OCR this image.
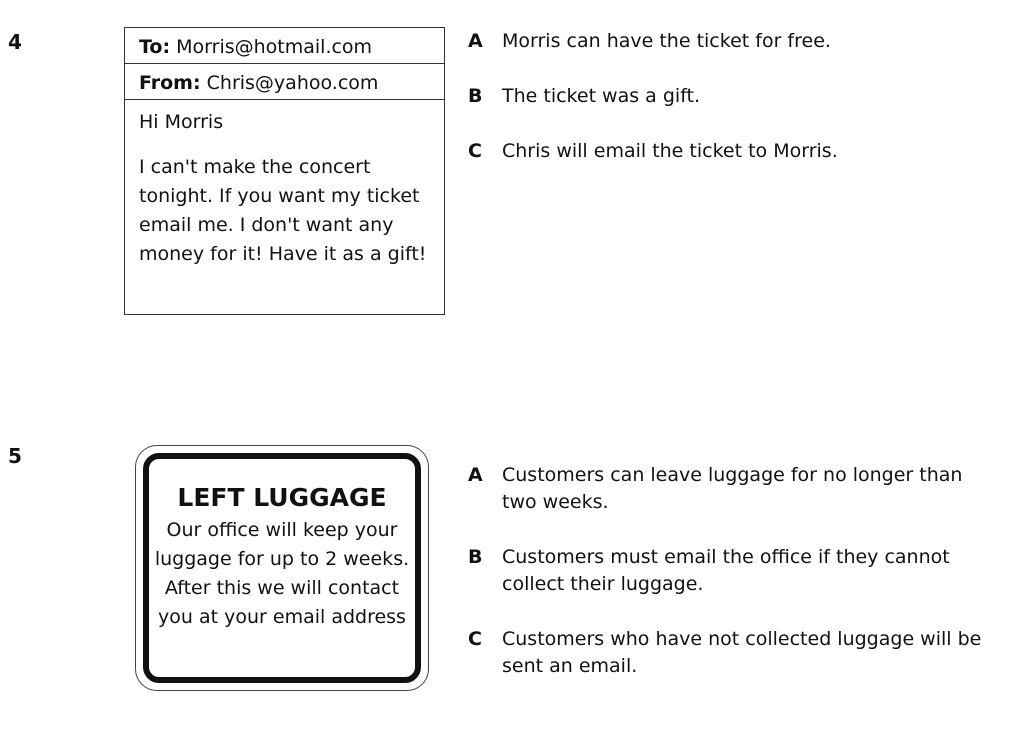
4	To: Morris@hotmail.com
From: Chris@yahoo.com
Hi Morris
I can't make the concert tonight. If you want my ticket email me. I don't want any money for it! Have it as a gift!
A	Morris can have the ticket for free.
B	The ticket was a gift.
C	Chris will email the ticket to Morris.
5
LEFT LUGGAGE
Our office will keep your luggage for up to 2 weeks. After this we will contact you at your email address
A	Customers can leave luggage for no longer than two weeks.
B	Customers must email the office if they cannot collect their luggage.
C	Customers who have not collected luggage will be sent an email.
